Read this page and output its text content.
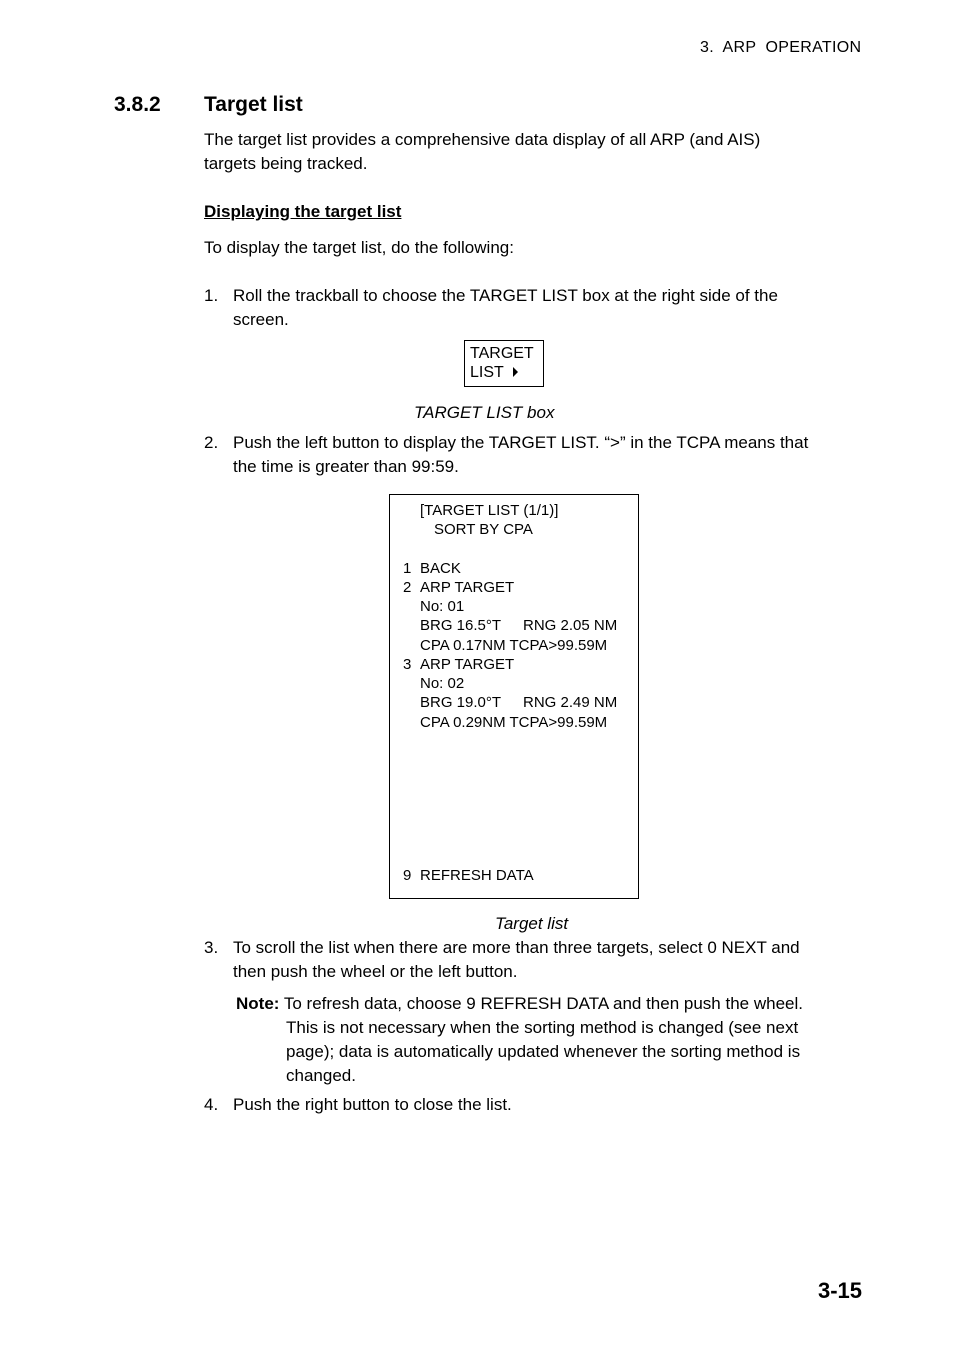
3.  ARP  OPERATION
3.8.2 Target list
The target list provides a comprehensive data display of all ARP (and AIS)
targets being tracked.
Displaying the target list
To display the target list, do the following:
1. Roll the trackball to choose the TARGET LIST box at the right side of the
screen.
TARGET
LIST
TARGET LIST box
2. Push the left button to display the TARGET LIST. “>” in the TCPA means that
the time is greater than 99:59.
[TARGET LIST (1/1)]
SORT BY CPA
1 BACK
2 ARP TARGET
No: 01
BRG 16.5°T RNG 2.05 NM
CPA 0.17NM TCPA>99.59M
3 ARP TARGET
No: 02
BRG 19.0°T RNG 2.49 NM
CPA 0.29NM TCPA>99.59M
9 REFRESH DATA
Target list
3. To scroll the list when there are more than three targets, select 0 NEXT and
then push the wheel or the left button.
Note: To refresh data, choose 9 REFRESH DATA and then push the wheel.
This is not necessary when the sorting method is changed (see next
page); data is automatically updated whenever the sorting method is
changed.
4. Push the right button to close the list.
3-15
